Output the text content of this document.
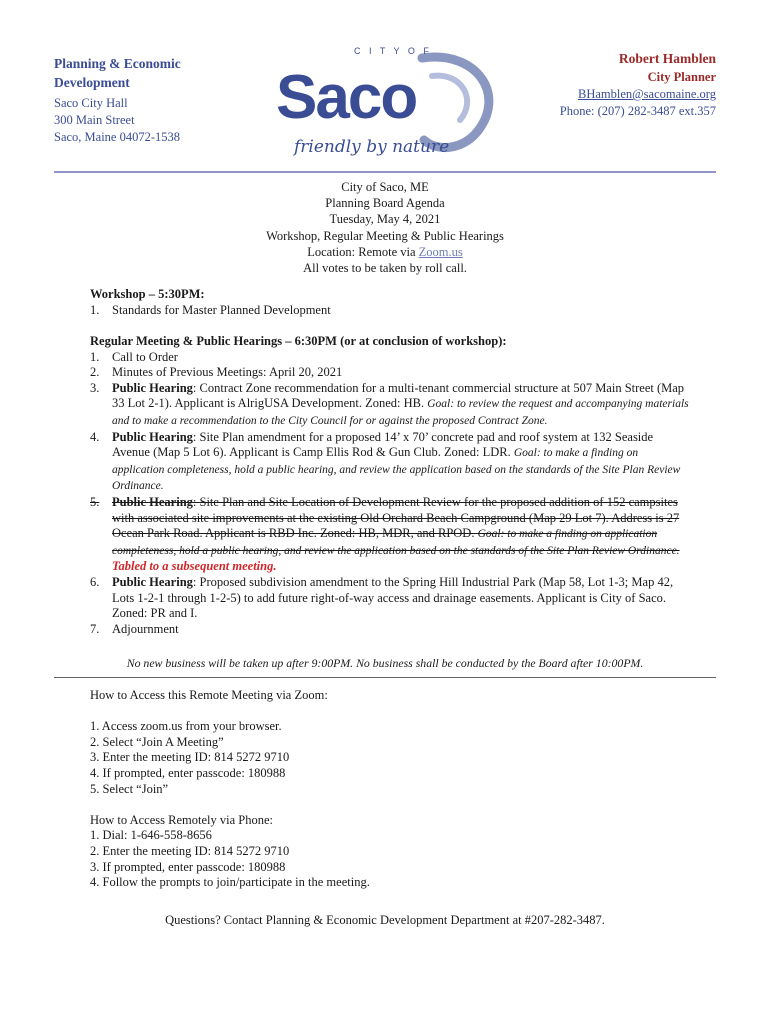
Planning & Economic
Development
Saco City Hall
300 Main Street
Saco, Maine 04072-1538
C I T Y O F
Saco
friendly by nature
Robert Hamblen
City Planner
BHamblen@sacomaine.org
Phone: (207) 282-3487 ext.357
City of Saco, ME
Planning Board Agenda
Tuesday, May 4, 2021
Workshop, Regular Meeting & Public Hearings
Location: Remote via Zoom.us
All votes to be taken by roll call.
Workshop – 5:30PM:
1. Standards for Master Planned Development
Regular Meeting & Public Hearings – 6:30PM (or at conclusion of workshop):
1. Call to Order
2. Minutes of Previous Meetings: April 20, 2021
3. Public Hearing: Contract Zone recommendation for a multi-tenant commercial structure at 507 Main Street (Map 33 Lot 2-1). Applicant is AlrigUSA Development. Zoned: HB. Goal: to review the request and accompanying materials and to make a recommendation to the City Council for or against the proposed Contract Zone.
4. Public Hearing: Site Plan amendment for a proposed 14’ x 70’ concrete pad and roof system at 132 Seaside Avenue (Map 5 Lot 6). Applicant is Camp Ellis Rod & Gun Club. Zoned: LDR. Goal: to make a finding on application completeness, hold a public hearing, and review the application based on the standards of the Site Plan Review Ordinance.
5. Public Hearing: Site Plan and Site Location of Development Review for the proposed addition of 152 campsites with associated site improvements at the existing Old Orchard Beach Campground (Map 29 Lot 7). Address is 27 Ocean Park Road. Applicant is RBD Inc. Zoned: HB, MDR, and RPOD. Goal: to make a finding on application completeness, hold a public hearing, and review the application based on the standards of the Site Plan Review Ordinance. Tabled to a subsequent meeting.
6. Public Hearing: Proposed subdivision amendment to the Spring Hill Industrial Park (Map 58, Lot 1-3; Map 42, Lots 1-2-1 through 1-2-5) to add future right-of-way access and drainage easements. Applicant is City of Saco. Zoned: PR and I.
7. Adjournment
No new business will be taken up after 9:00PM. No business shall be conducted by the Board after 10:00PM.
How to Access this Remote Meeting via Zoom:
1. Access zoom.us from your browser.
2. Select “Join A Meeting”
3. Enter the meeting ID: 814 5272 9710
4. If prompted, enter passcode: 180988
5. Select “Join”
How to Access Remotely via Phone:
1. Dial: 1-646-558-8656
2. Enter the meeting ID: 814 5272 9710
3. If prompted, enter passcode: 180988
4. Follow the prompts to join/participate in the meeting.
Questions? Contact Planning & Economic Development Department at #207-282-3487.
